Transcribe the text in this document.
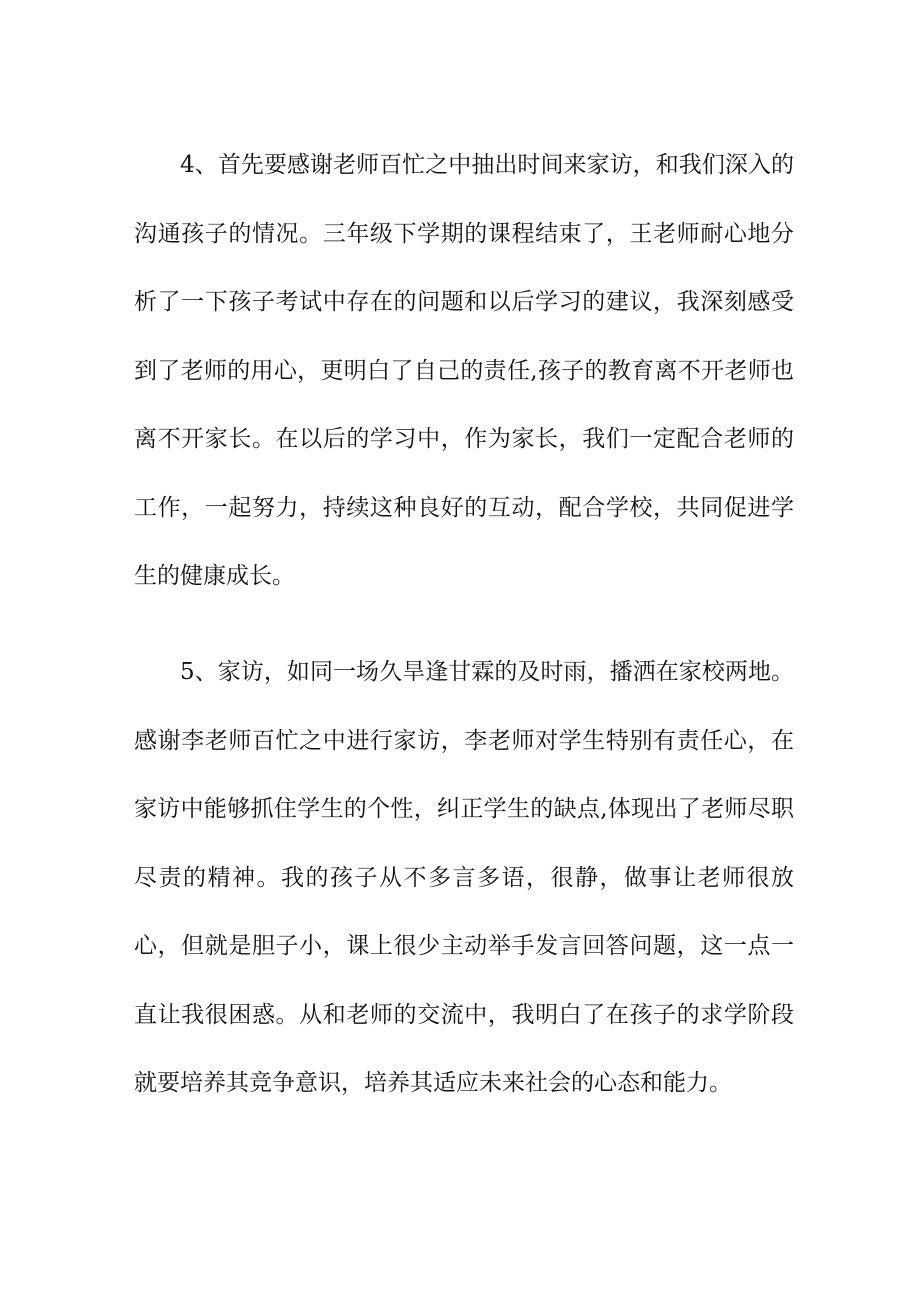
4、首先要感谢老师百忙之中抽出时间来家访，和我们深入的沟通孩子的情况。三年级下学期的课程结束了，王老师耐心地分析了一下孩子考试中存在的问题和以后学习的建议，我深刻感受到了老师的用心，更明白了自己的责任,孩子的教育离不开老师也离不开家长。在以后的学习中，作为家长，我们一定配合老师的工作，一起努力，持续这种良好的互动，配合学校，共同促进学生的健康成长。

5、家访，如同一场久旱逢甘霖的及时雨，播洒在家校两地。感谢李老师百忙之中进行家访，李老师对学生特别有责任心，在家访中能够抓住学生的个性，纠正学生的缺点,体现出了老师尽职尽责的精神。我的孩子从不多言多语，很静，做事让老师很放心，但就是胆子小，课上很少主动举手发言回答问题，这一点一直让我很困惑。从和老师的交流中，我明白了在孩子的求学阶段就要培养其竞争意识，培养其适应未来社会的心态和能力。
